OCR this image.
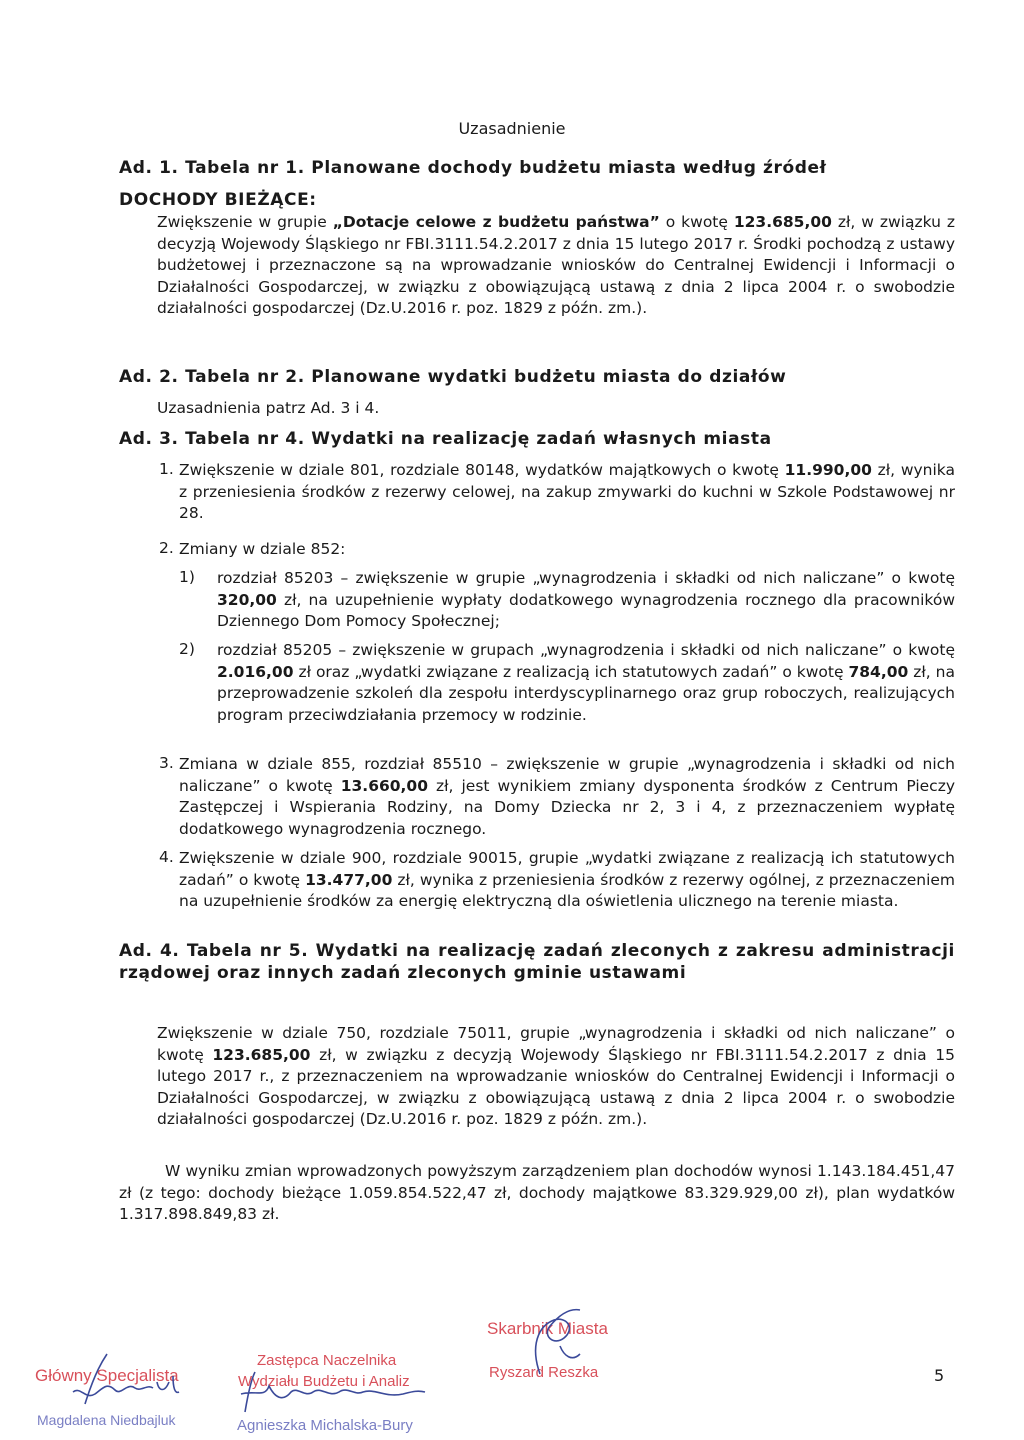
Uzasadnienie
Ad. 1. Tabela nr 1. Planowane dochody budżetu miasta według źródeł
DOCHODY BIEŻĄCE:
Zwiększenie w grupie „Dotacje celowe z budżetu państwa” o kwotę 123.685,00 zł, w związku z decyzją Wojewody Śląskiego nr FBI.3111.54.2.2017 z dnia 15 lutego 2017 r. Środki pochodzą z ustawy budżetowej i przeznaczone są na wprowadzanie wniosków do Centralnej Ewidencji i Informacji o Działalności Gospodarczej, w związku z obowiązującą ustawą z dnia 2 lipca 2004 r. o swobodzie działalności gospodarczej (Dz.U.2016 r. poz. 1829 z późn. zm.).
Ad. 2. Tabela nr 2. Planowane wydatki budżetu miasta do działów
Uzasadnienia patrz Ad. 3 i 4.
Ad. 3. Tabela nr 4. Wydatki na realizację zadań własnych miasta
1. Zwiększenie w dziale 801, rozdziale 80148, wydatków majątkowych o kwotę 11.990,00 zł, wynika z przeniesienia środków z rezerwy celowej, na zakup zmywarki do kuchni w Szkole Podstawowej nr 28.
2. Zmiany w dziale 852:
1) rozdział 85203 – zwiększenie w grupie „wynagrodzenia i składki od nich naliczane” o kwotę 320,00 zł, na uzupełnienie wypłaty dodatkowego wynagrodzenia rocznego dla pracowników Dziennego Dom Pomocy Społecznej;
2) rozdział 85205 – zwiększenie w grupach „wynagrodzenia i składki od nich naliczane” o kwotę 2.016,00 zł oraz „wydatki związane z realizacją ich statutowych zadań” o kwotę 784,00 zł, na przeprowadzenie szkoleń dla zespołu interdyscyplinarnego oraz grup roboczych, realizujących program przeciwdziałania przemocy w rodzinie.
3. Zmiana w dziale 855, rozdział 85510 – zwiększenie w grupie „wynagrodzenia i składki od nich naliczane” o kwotę 13.660,00 zł, jest wynikiem zmiany dysponenta środków z Centrum Pieczy Zastępczej i Wspierania Rodziny, na Domy Dziecka nr 2, 3 i 4, z przeznaczeniem wypłatę dodatkowego wynagrodzenia rocznego.
4. Zwiększenie w dziale 900, rozdziale 90015, grupie „wydatki związane z realizacją ich statutowych zadań” o kwotę 13.477,00 zł, wynika z przeniesienia środków z rezerwy ogólnej, z przeznaczeniem na uzupełnienie środków za energię elektryczną dla oświetlenia ulicznego na terenie miasta.
Ad. 4. Tabela nr 5. Wydatki na realizację zadań zleconych z zakresu administracji rządowej oraz innych zadań zleconych gminie ustawami
Zwiększenie w dziale 750, rozdziale 75011, grupie „wynagrodzenia i składki od nich naliczane” o kwotę 123.685,00 zł, w związku z decyzją Wojewody Śląskiego nr FBI.3111.54.2.2017 z dnia 15 lutego 2017 r., z przeznaczeniem na wprowadzanie wniosków do Centralnej Ewidencji i Informacji o Działalności Gospodarczej, w związku z obowiązującą ustawą z dnia 2 lipca 2004 r. o swobodzie działalności gospodarczej (Dz.U.2016 r. poz. 1829 z późn. zm.).
W wyniku zmian wprowadzonych powyższym zarządzeniem plan dochodów wynosi 1.143.184.451,47 zł (z tego: dochody bieżące 1.059.854.522,47 zł, dochody majątkowe 83.329.929,00 zł), plan wydatków 1.317.898.849,83 zł.
5
Główny Specjalista
Magdalena Niedbajluk
Zastępca Naczelnika
Wydziału Budżetu i Analiz
Agnieszka Michalska-Bury
Skarbnik Miasta
Ryszard Reszka
